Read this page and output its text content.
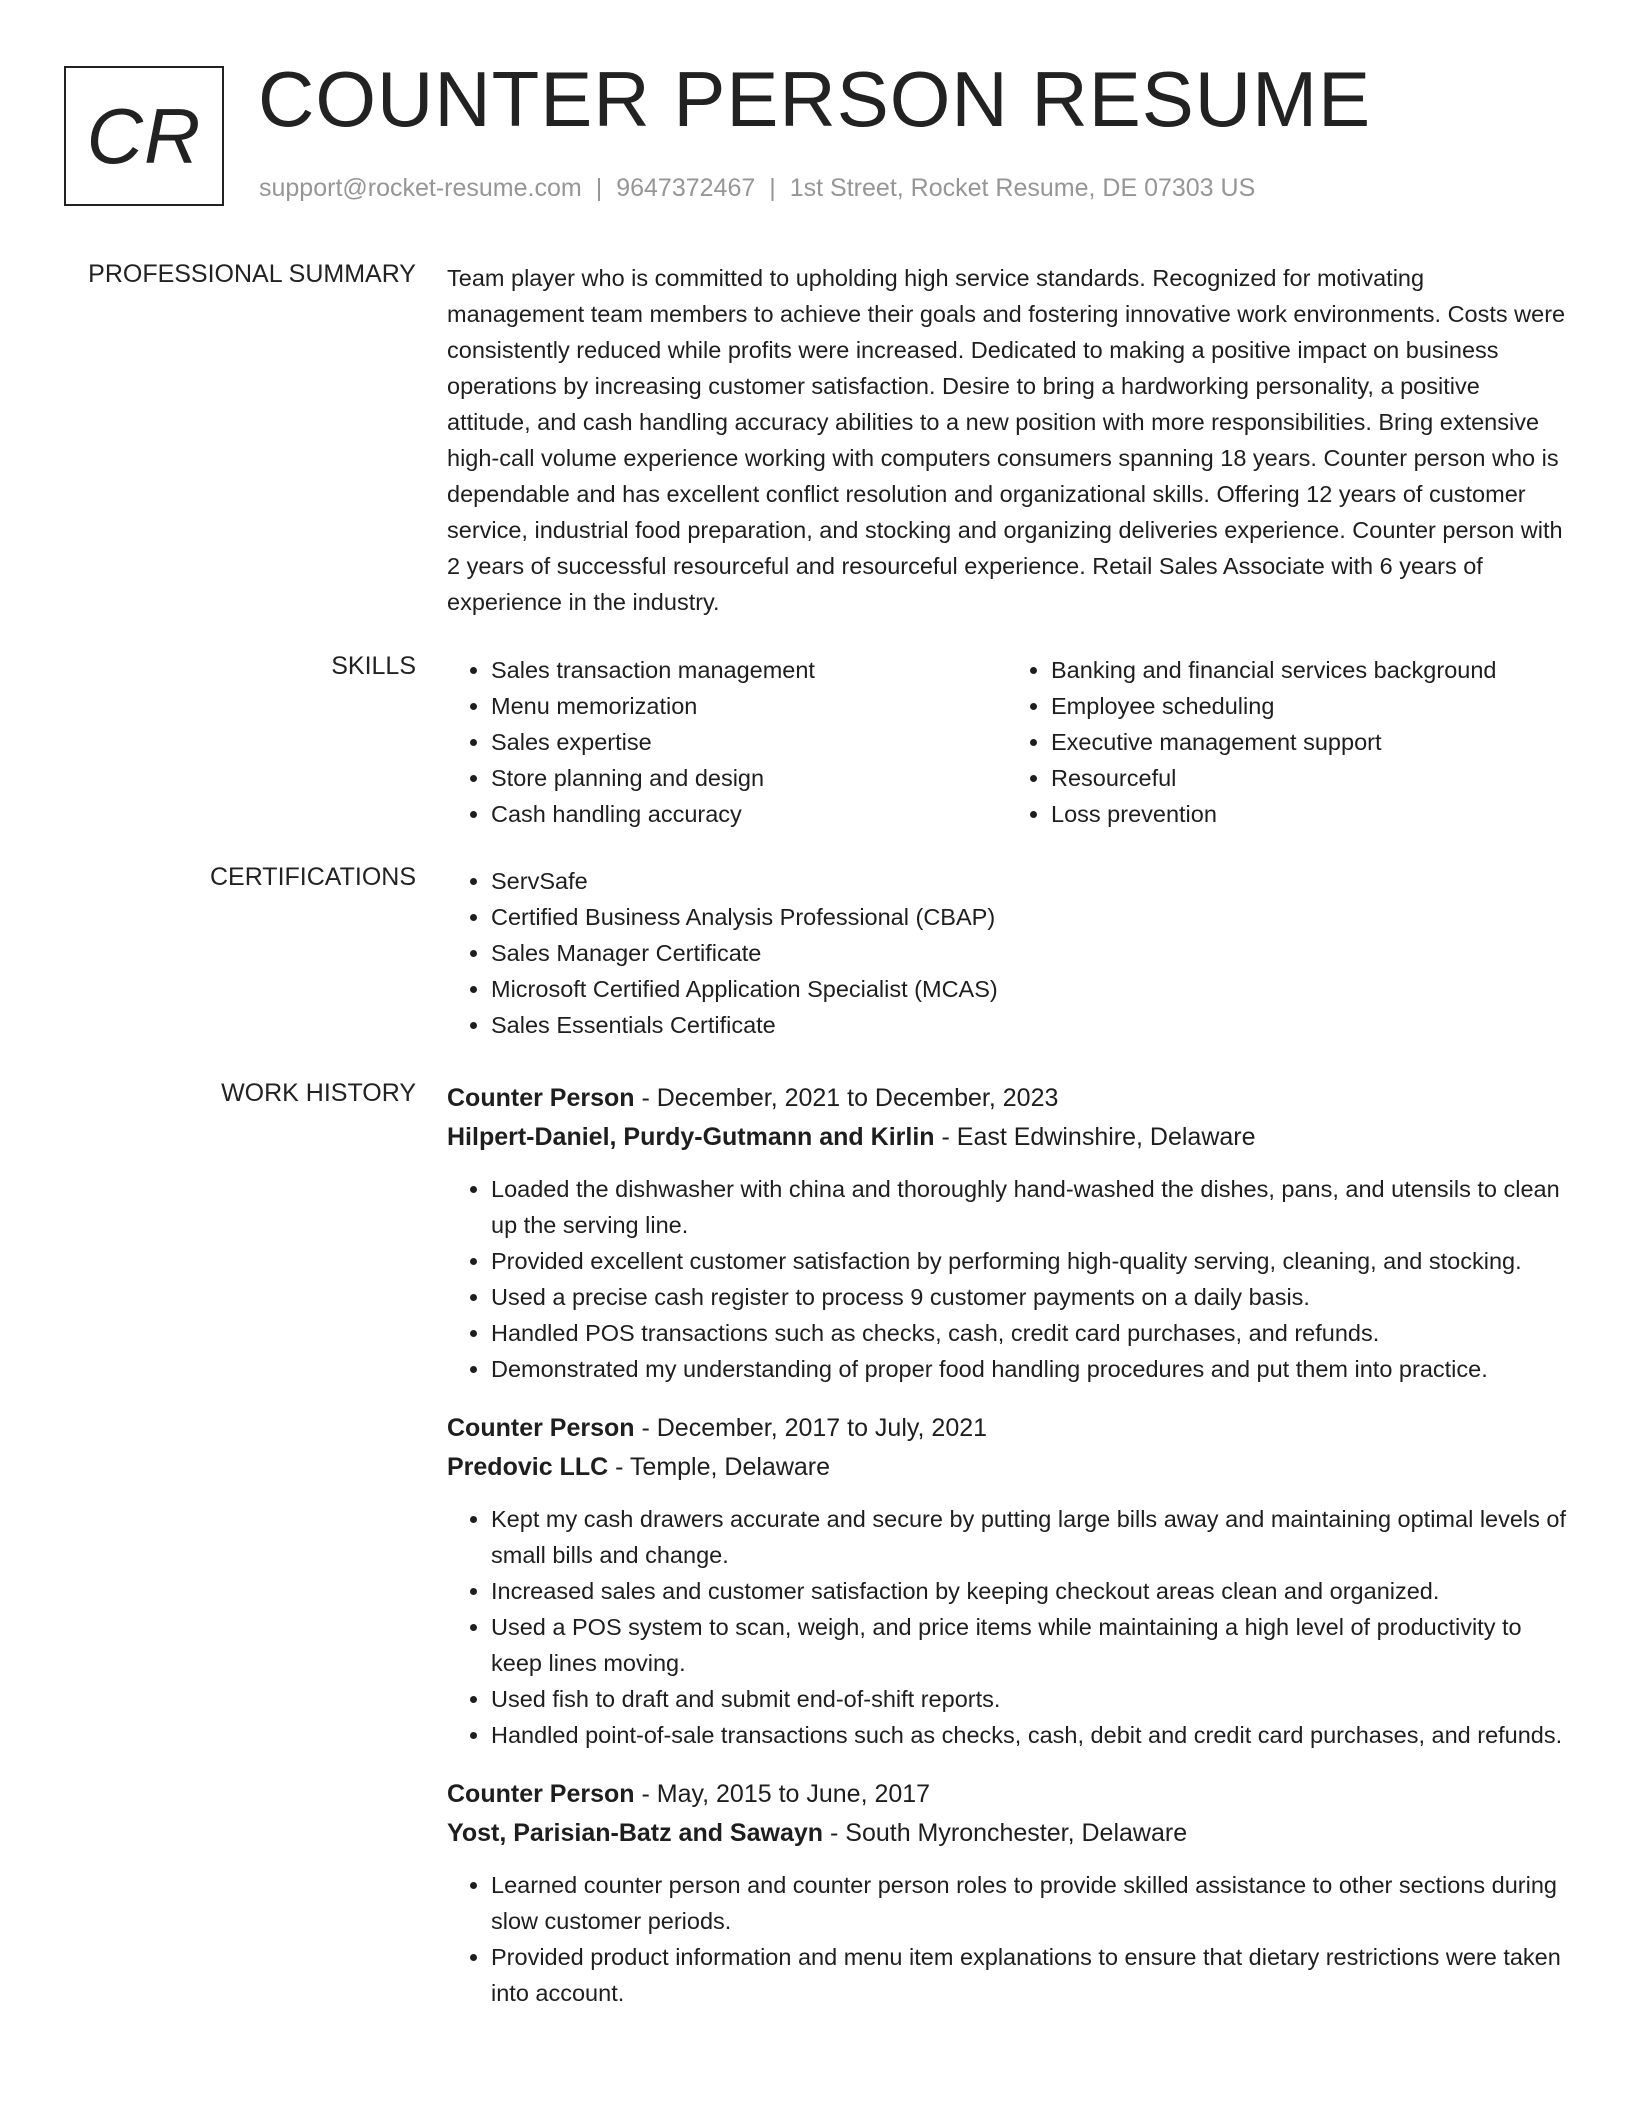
CR COUNTER PERSON RESUME
support@rocket-resume.com | 9647372467 | 1st Street, Rocket Resume, DE 07303 US
PROFESSIONAL SUMMARY Team player who is committed to upholding high service standards. Recognized for motivating management team members to achieve their goals and fostering innovative work environments. Costs were consistently reduced while profits were increased. Dedicated to making a positive impact on business operations by increasing customer satisfaction. Desire to bring a hardworking personality, a positive attitude, and cash handling accuracy abilities to a new position with more responsibilities. Bring extensive high-call volume experience working with computers consumers spanning 18 years. Counter person who is dependable and has excellent conflict resolution and organizational skills. Offering 12 years of customer service, industrial food preparation, and stocking and organizing deliveries experience. Counter person with 2 years of successful resourceful and resourceful experience. Retail Sales Associate with 6 years of experience in the industry.

SKILLS	• Sales transaction management
• Menu memorization
• Sales expertise
• Store planning and design
• Cash handling accuracy
• Banking and financial services background
• Employee scheduling
• Executive management support
• Resourceful
• Loss prevention
CERTIFICATIONS	• ServSafe
• Certified Business Analysis Professional (CBAP)
• Sales Manager Certificate
• Microsoft Certified Application Specialist (MCAS)
• Sales Essentials Certificate
WORK HISTORY Counter Person - December, 2021 to December, 2023
Hilpert-Daniel, Purdy-Gutmann and Kirlin - East Edwinshire, Delaware
• Loaded the dishwasher with china and thoroughly hand-washed the dishes, pans, and utensils to clean up the serving line.
• Provided excellent customer satisfaction by performing high-quality serving, cleaning, and stocking.
• Used a precise cash register to process 9 customer payments on a daily basis.
• Handled POS transactions such as checks, cash, credit card purchases, and refunds.
• Demonstrated my understanding of proper food handling procedures and put them into practice.
Counter Person - December, 2017 to July, 2021
Predovic LLC - Temple, Delaware
• Kept my cash drawers accurate and secure by putting large bills away and maintaining optimal levels of small bills and change.
• Increased sales and customer satisfaction by keeping checkout areas clean and organized.
• Used a POS system to scan, weigh, and price items while maintaining a high level of productivity to keep lines moving.
• Used fish to draft and submit end-of-shift reports.
• Handled point-of-sale transactions such as checks, cash, debit and credit card purchases, and refunds.
Counter Person - May, 2015 to June, 2017
Yost, Parisian-Batz and Sawayn - South Myronchester, Delaware
• Learned counter person and counter person roles to provide skilled assistance to other sections during slow customer periods.
• Provided product information and menu item explanations to ensure that dietary restrictions were taken into account.
